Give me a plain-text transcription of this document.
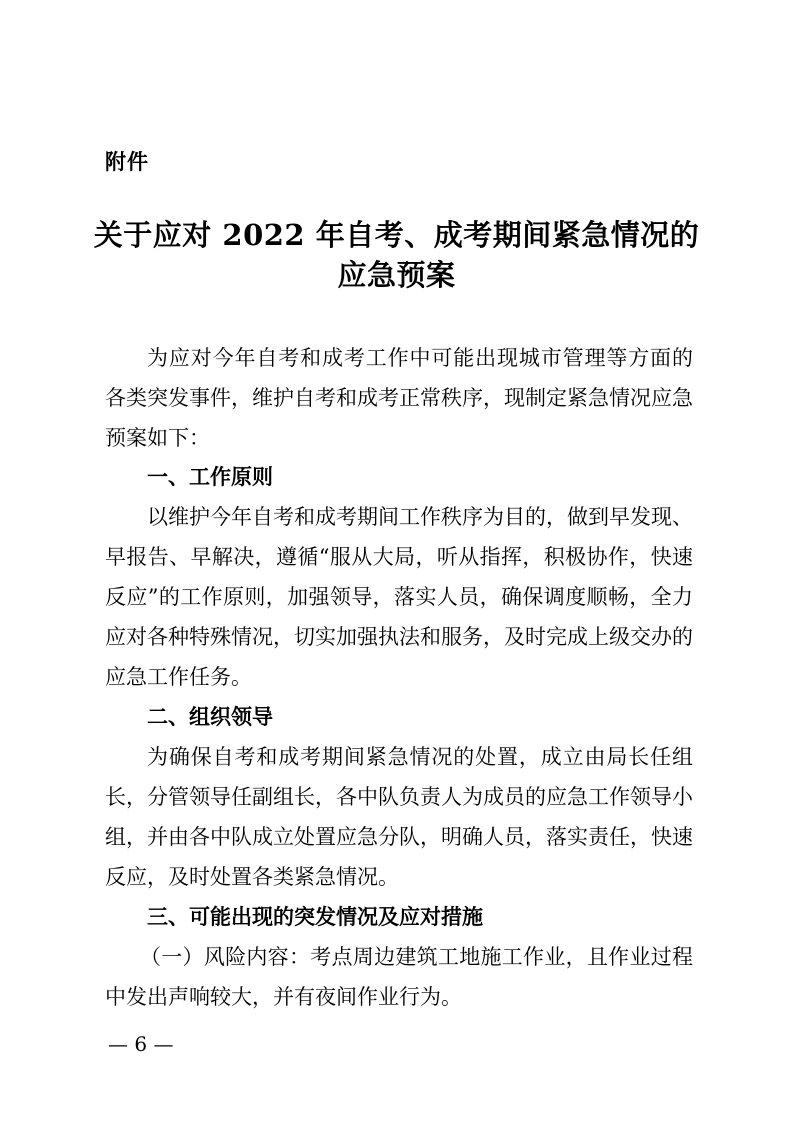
附件
关于应对 2022 年自考、成考期间紧急情况的
应急预案
为应对今年自考和成考工作中可能出现城市管理等方面的
各类突发事件，维护自考和成考正常秩序，现制定紧急情况应急
预案如下：
一、工作原则
以维护今年自考和成考期间工作秩序为目的，做到早发现、
早报告、早解决，遵循“服从大局，听从指挥，积极协作，快速
反应”的工作原则，加强领导，落实人员，确保调度顺畅，全力
应对各种特殊情况，切实加强执法和服务，及时完成上级交办的
应急工作任务。
二、组织领导
为确保自考和成考期间紧急情况的处置，成立由局长任组
长，分管领导任副组长，各中队负责人为成员的应急工作领导小
组，并由各中队成立处置应急分队，明确人员，落实责任，快速
反应，及时处置各类紧急情况。
三、可能出现的突发情况及应对措施
（一）风险内容：考点周边建筑工地施工作业，且作业过程
中发出声响较大，并有夜间作业行为。
— 6 —
